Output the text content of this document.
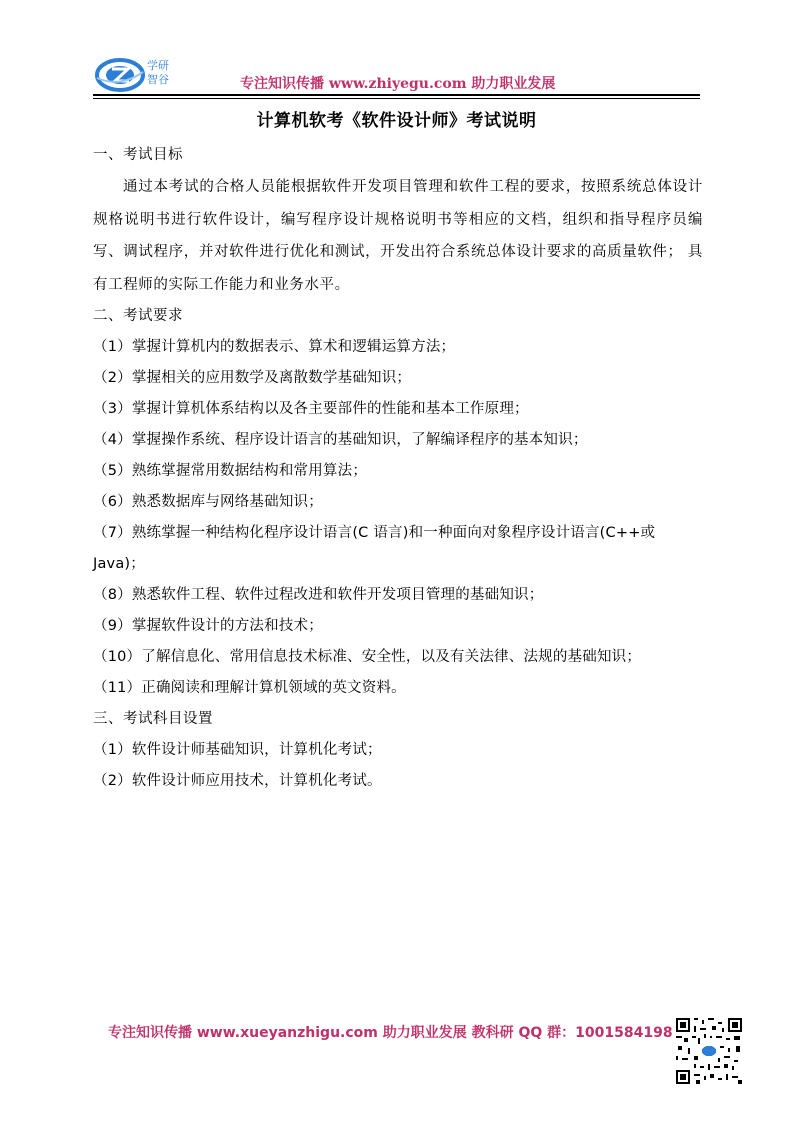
学研
智谷	专注知识传播 www.zhiyegu.com 助力职业发展
计算机软考《软件设计师》考试说明

一、考试目标

通过本考试的合格人员能根据软件开发项目管理和软件工程的要求，按照系统总体设计规格说明书进行软件设计，编写程序设计规格说明书等相应的文档，组织和指导程序员编写、调试程序，并对软件进行优化和测试，开发出符合系统总体设计要求的高质量软件； 具有工程师的实际工作能力和业务水平。

二、考试要求

（1）掌握计算机内的数据表示、算术和逻辑运算方法；

（2）掌握相关的应用数学及离散数学基础知识；

（3）掌握计算机体系结构以及各主要部件的性能和基本工作原理；

（4）掌握操作系统、程序设计语言的基础知识，了解编译程序的基本知识；

（5）熟练掌握常用数据结构和常用算法；

（6）熟悉数据库与网络基础知识；

（7）熟练掌握一种结构化程序设计语言(C 语言)和一种面向对象程序设计语言(C++或Java)；

（8）熟悉软件工程、软件过程改进和软件开发项目管理的基础知识；

（9）掌握软件设计的方法和技术；

（10）了解信息化、常用信息技术标准、安全性，以及有关法律、法规的基础知识；

（11）正确阅读和理解计算机领域的英文资料。

三、考试科目设置

（1）软件设计师基础知识，计算机化考试；

（2）软件设计师应用技术，计算机化考试。

专注知识传播 www.xueyanzhigu.com 助力职业发展 教科研 QQ 群：1001584198
